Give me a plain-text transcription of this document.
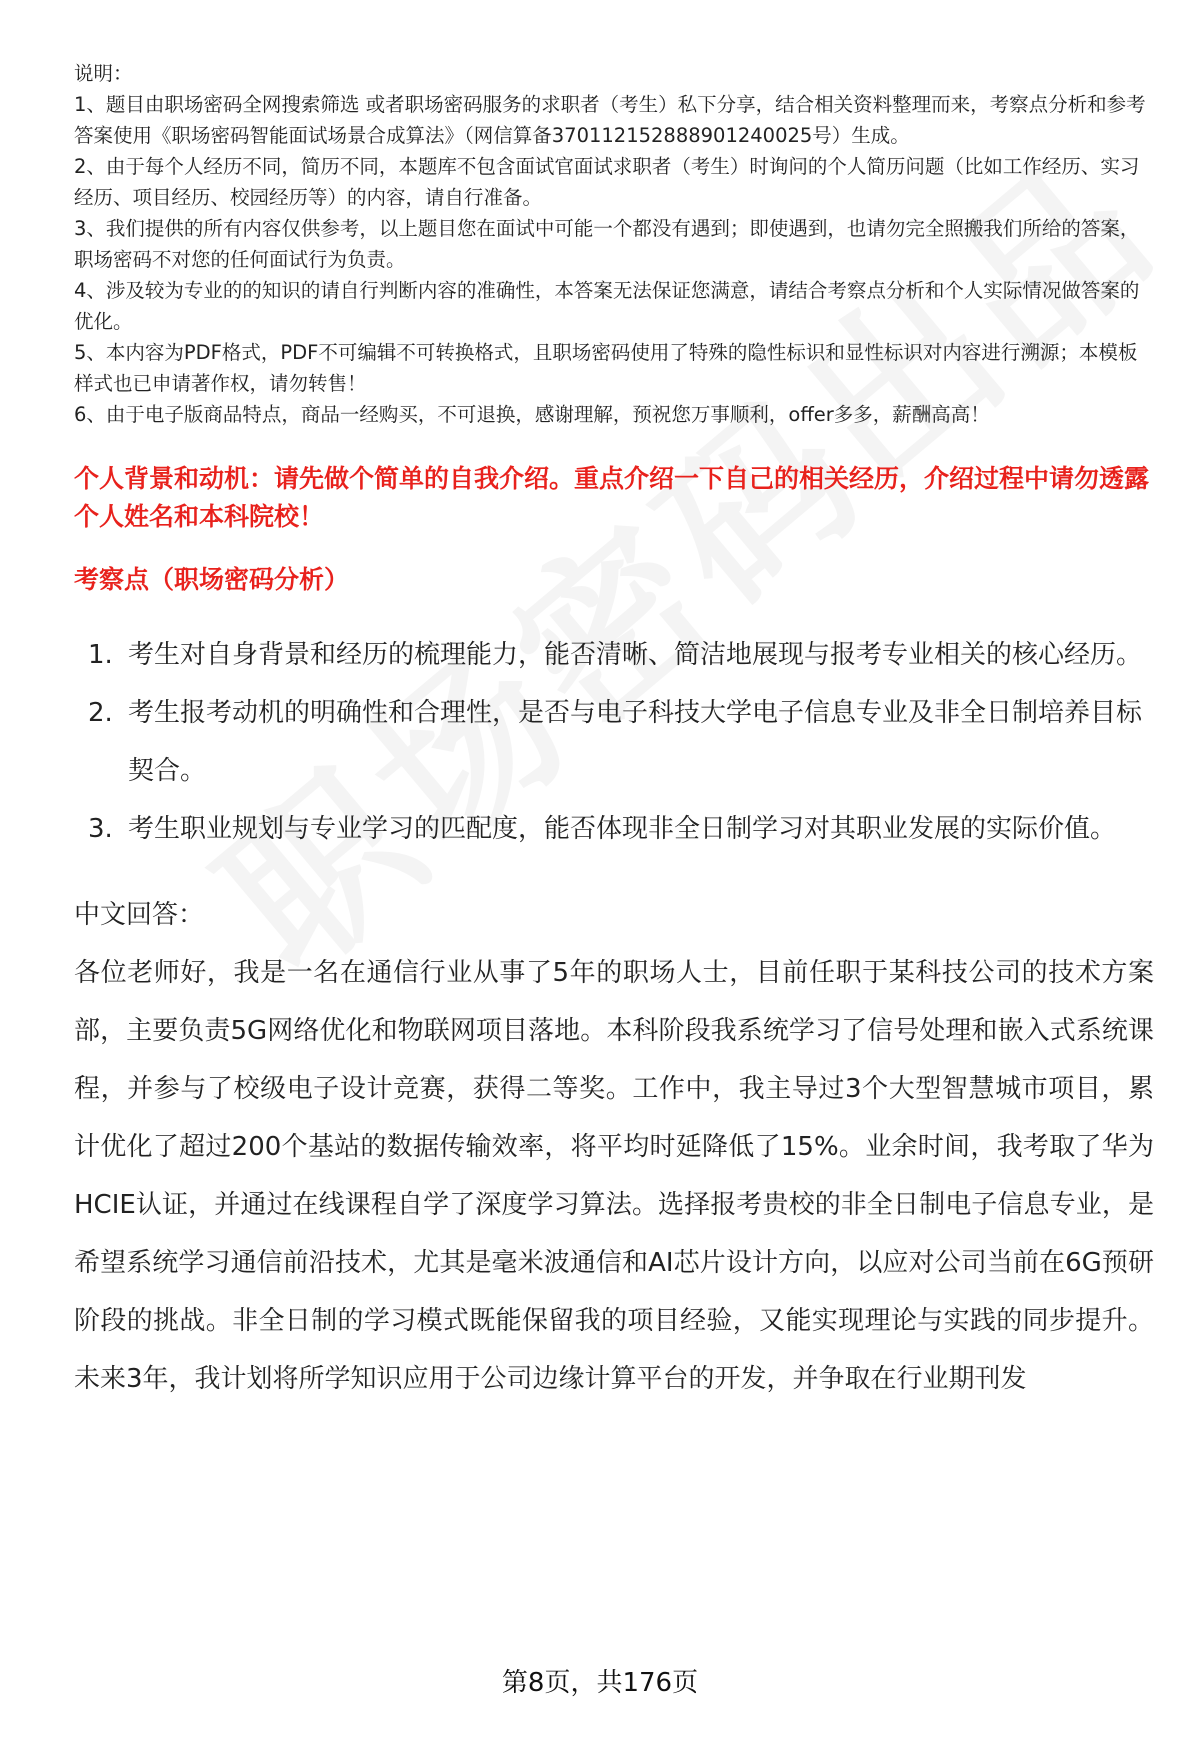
说明：

1、题目由职场密码全网搜索筛选 或者职场密码服务的求职者（考生）私下分享，结合相关资料整理而来，考察点分析和参考答案使用《职场密码智能面试场景合成算法》（网信算备370112152888901240025号）生成。

2、由于每个人经历不同，简历不同，本题库不包含面试官面试求职者（考生）时询问的个人简历问题（比如工作经历、实习经历、项目经历、校园经历等）的内容，请自行准备。

3、我们提供的所有内容仅供参考，以上题目您在面试中可能一个都没有遇到；即使遇到，也请勿完全照搬我们所给的答案，职场密码不对您的任何面试行为负责。

4、涉及较为专业的的知识的请自行判断内容的准确性，本答案无法保证您满意，请结合考察点分析和个人实际情况做答案的优化。

5、本内容为PDF格式，PDF不可编辑不可转换格式，且职场密码使用了特殊的隐性标识和显性标识对内容进行溯源；本模板样式也已申请著作权，请勿转售！

6、由于电子版商品特点，商品一经购买，不可退换，感谢理解，预祝您万事顺利，offer多多，薪酬高高！

个人背景和动机：请先做个简单的自我介绍。重点介绍一下自己的相关经历，介绍过程中请勿透露个人姓名和本科院校！
考察点（职场密码分析）
1. 考生对自身背景和经历的梳理能力，能否清晰、简洁地展现与报考专业相关的核心经历。
2. 考生报考动机的明确性和合理性，是否与电子科技大学电子信息专业及非全日制培养目标契合。
3. 考生职业规划与专业学习的匹配度，能否体现非全日制学习对其职业发展的实际价值。
中文回答：
各位老师好，我是一名在通信行业从事了5年的职场人士，目前任职于某科技公司的技术方案部，主要负责5G网络优化和物联网项目落地。本科阶段我系统学习了信号处理和嵌入式系统课程，并参与了校级电子设计竞赛，获得二等奖。工作中，我主导过3个大型智慧城市项目，累计优化了超过200个基站的数据传输效率，将平均时延降低了15%。业余时间，我考取了华为HCIE认证，并通过在线课程自学了深度学习算法。选择报考贵校的非全日制电子信息专业，是希望系统学习通信前沿技术，尤其是毫米波通信和AI芯片设计方向，以应对公司当前在6G预研阶段的挑战。非全日制的学习模式既能保留我的项目经验，又能实现理论与实践的同步提升。未来3年，我计划将所学知识应用于公司边缘计算平台的开发，并争取在行业期刊发
第8页，共176页
